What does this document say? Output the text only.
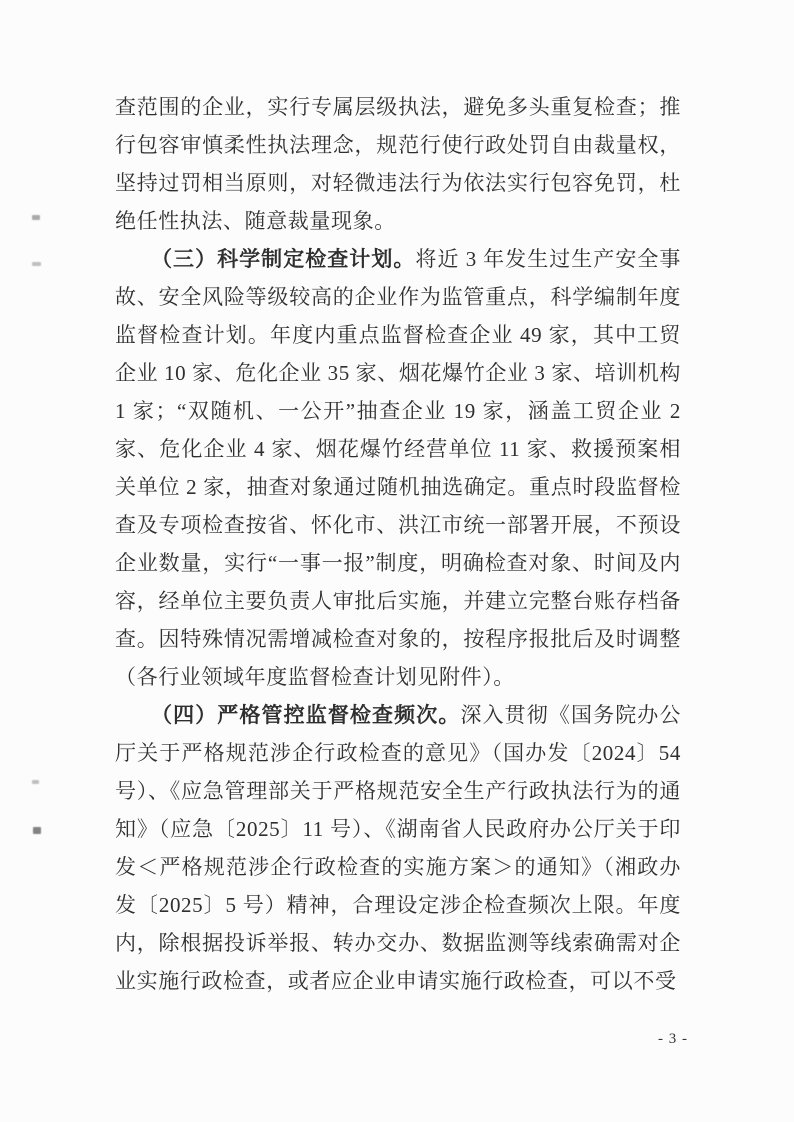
查范围的企业，实行专属层级执法，避免多头重复检查；推行包容审慎柔性执法理念，规范行使行政处罚自由裁量权，坚持过罚相当原则，对轻微违法行为依法实行包容免罚，杜绝任性执法、随意裁量现象。

（三）科学制定检查计划。将近 3 年发生过生产安全事故、安全风险等级较高的企业作为监管重点，科学编制年度监督检查计划。年度内重点监督检查企业 49 家，其中工贸企业 10 家、危化企业 35 家、烟花爆竹企业 3 家、培训机构 1 家；“双随机、一公开”抽查企业 19 家，涵盖工贸企业 2 家、危化企业 4 家、烟花爆竹经营单位 11 家、救援预案相关单位 2 家，抽查对象通过随机抽选确定。重点时段监督检查及专项检查按省、怀化市、洪江市统一部署开展，不预设企业数量，实行“一事一报”制度，明确检查对象、时间及内容，经单位主要负责人审批后实施，并建立完整台账存档备查。因特殊情况需增减检查对象的，按程序报批后及时调整（各行业领域年度监督检查计划见附件）。

（四）严格管控监督检查频次。深入贯彻《国务院办公厅关于严格规范涉企行政检查的意见》（国办发〔2024〕54 号）、《应急管理部关于严格规范安全生产行政执法行为的通知》（应急〔2025〕11 号）、《湖南省人民政府办公厅关于印发＜严格规范涉企行政检查的实施方案＞的通知》（湘政办发〔2025〕5 号）精神，合理设定涉企检查频次上限。年度内，除根据投诉举报、转办交办、数据监测等线索确需对企业实施行政检查，或者应企业申请实施行政检查，可以不受

- 3 -
